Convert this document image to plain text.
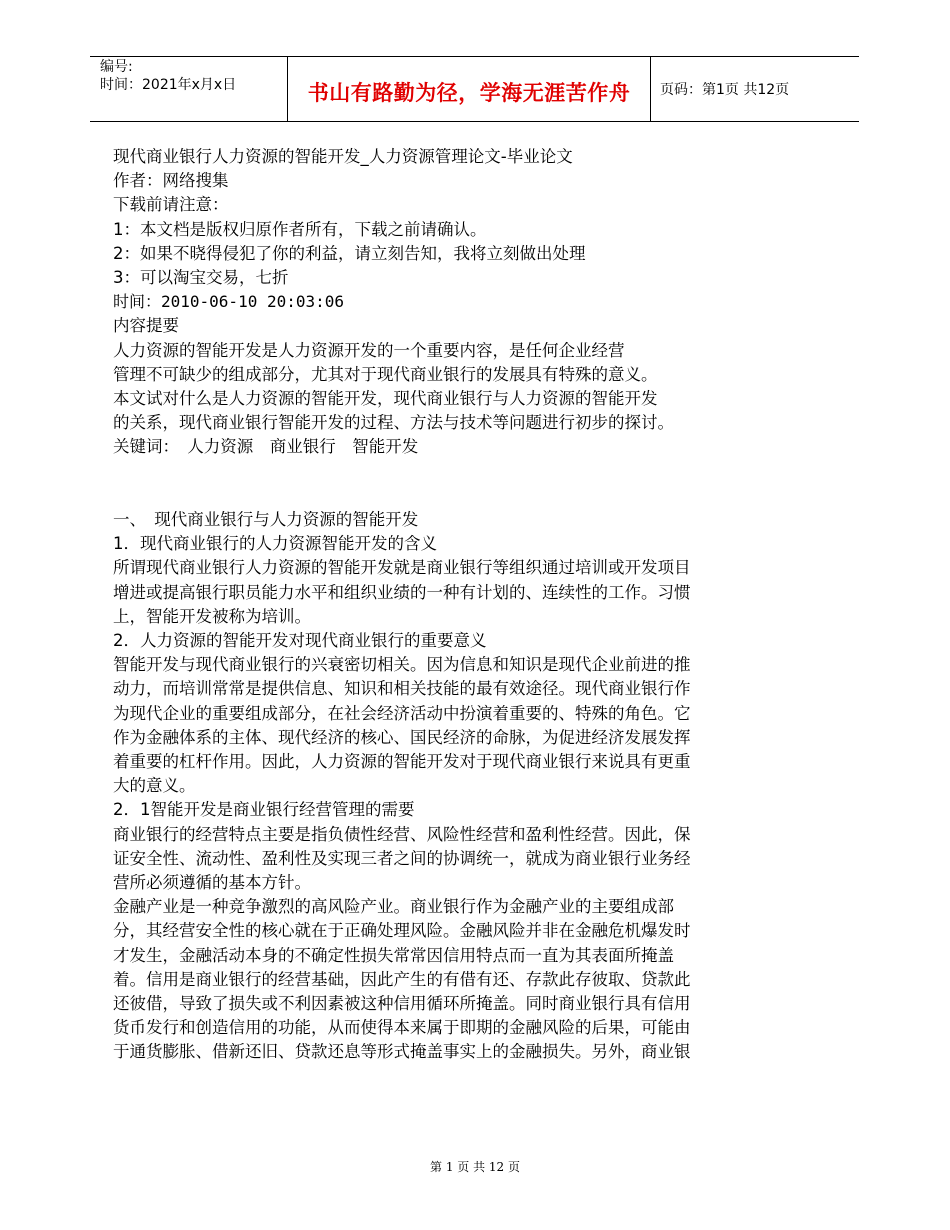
编号:
时间：2021年x月x日	书山有路勤为径，学海无涯苦作舟	页码：第1页 共12页

现代商业银行人力资源的智能开发_人力资源管理论文-毕业论文

作者：网络搜集

下载前请注意：

1：本文档是版权归原作者所有，下载之前请确认。

2：如果不晓得侵犯了你的利益，请立刻告知，我将立刻做出处理

3：可以淘宝交易，七折

时间：2010-06-10 20:03:06

内容提要

人力资源的智能开发是人力资源开发的一个重要内容，是任何企业经营

管理不可缺少的组成部分，尤其对于现代商业银行的发展具有特殊的意义。

本文试对什么是人力资源的智能开发，现代商业银行与人力资源的智能开发

的关系，现代商业银行智能开发的过程、方法与技术等问题进行初步的探讨。

关键词：　人力资源　商业银行　智能开发

一、　现代商业银行与人力资源的智能开发

1．现代商业银行的人力资源智能开发的含义

所谓现代商业银行人力资源的智能开发就是商业银行等组织通过培训或开发项目

增进或提高银行职员能力水平和组织业绩的一种有计划的、连续性的工作。习惯

上，智能开发被称为培训。

2．人力资源的智能开发对现代商业银行的重要意义

智能开发与现代商业银行的兴衰密切相关。因为信息和知识是现代企业前进的推

动力，而培训常常是提供信息、知识和相关技能的最有效途径。现代商业银行作

为现代企业的重要组成部分，在社会经济活动中扮演着重要的、特殊的角色。它

作为金融体系的主体、现代经济的核心、国民经济的命脉，为促进经济发展发挥

着重要的杠杆作用。因此，人力资源的智能开发对于现代商业银行来说具有更重

大的意义。

2．1智能开发是商业银行经营管理的需要

商业银行的经营特点主要是指负债性经营、风险性经营和盈利性经营。因此，保

证安全性、流动性、盈利性及实现三者之间的协调统一，就成为商业银行业务经

营所必须遵循的基本方针。

金融产业是一种竞争激烈的高风险产业。商业银行作为金融产业的主要组成部

分，其经营安全性的核心就在于正确处理风险。金融风险并非在金融危机爆发时

才发生，金融活动本身的不确定性损失常常因信用特点而一直为其表面所掩盖

着。信用是商业银行的经营基础，因此产生的有借有还、存款此存彼取、贷款此

还彼借，导致了损失或不利因素被这种信用循环所掩盖。同时商业银行具有信用

货币发行和创造信用的功能，从而使得本来属于即期的金融风险的后果，可能由

于通货膨胀、借新还旧、贷款还息等形式掩盖事实上的金融损失。另外，商业银

第 1 页 共 12 页
